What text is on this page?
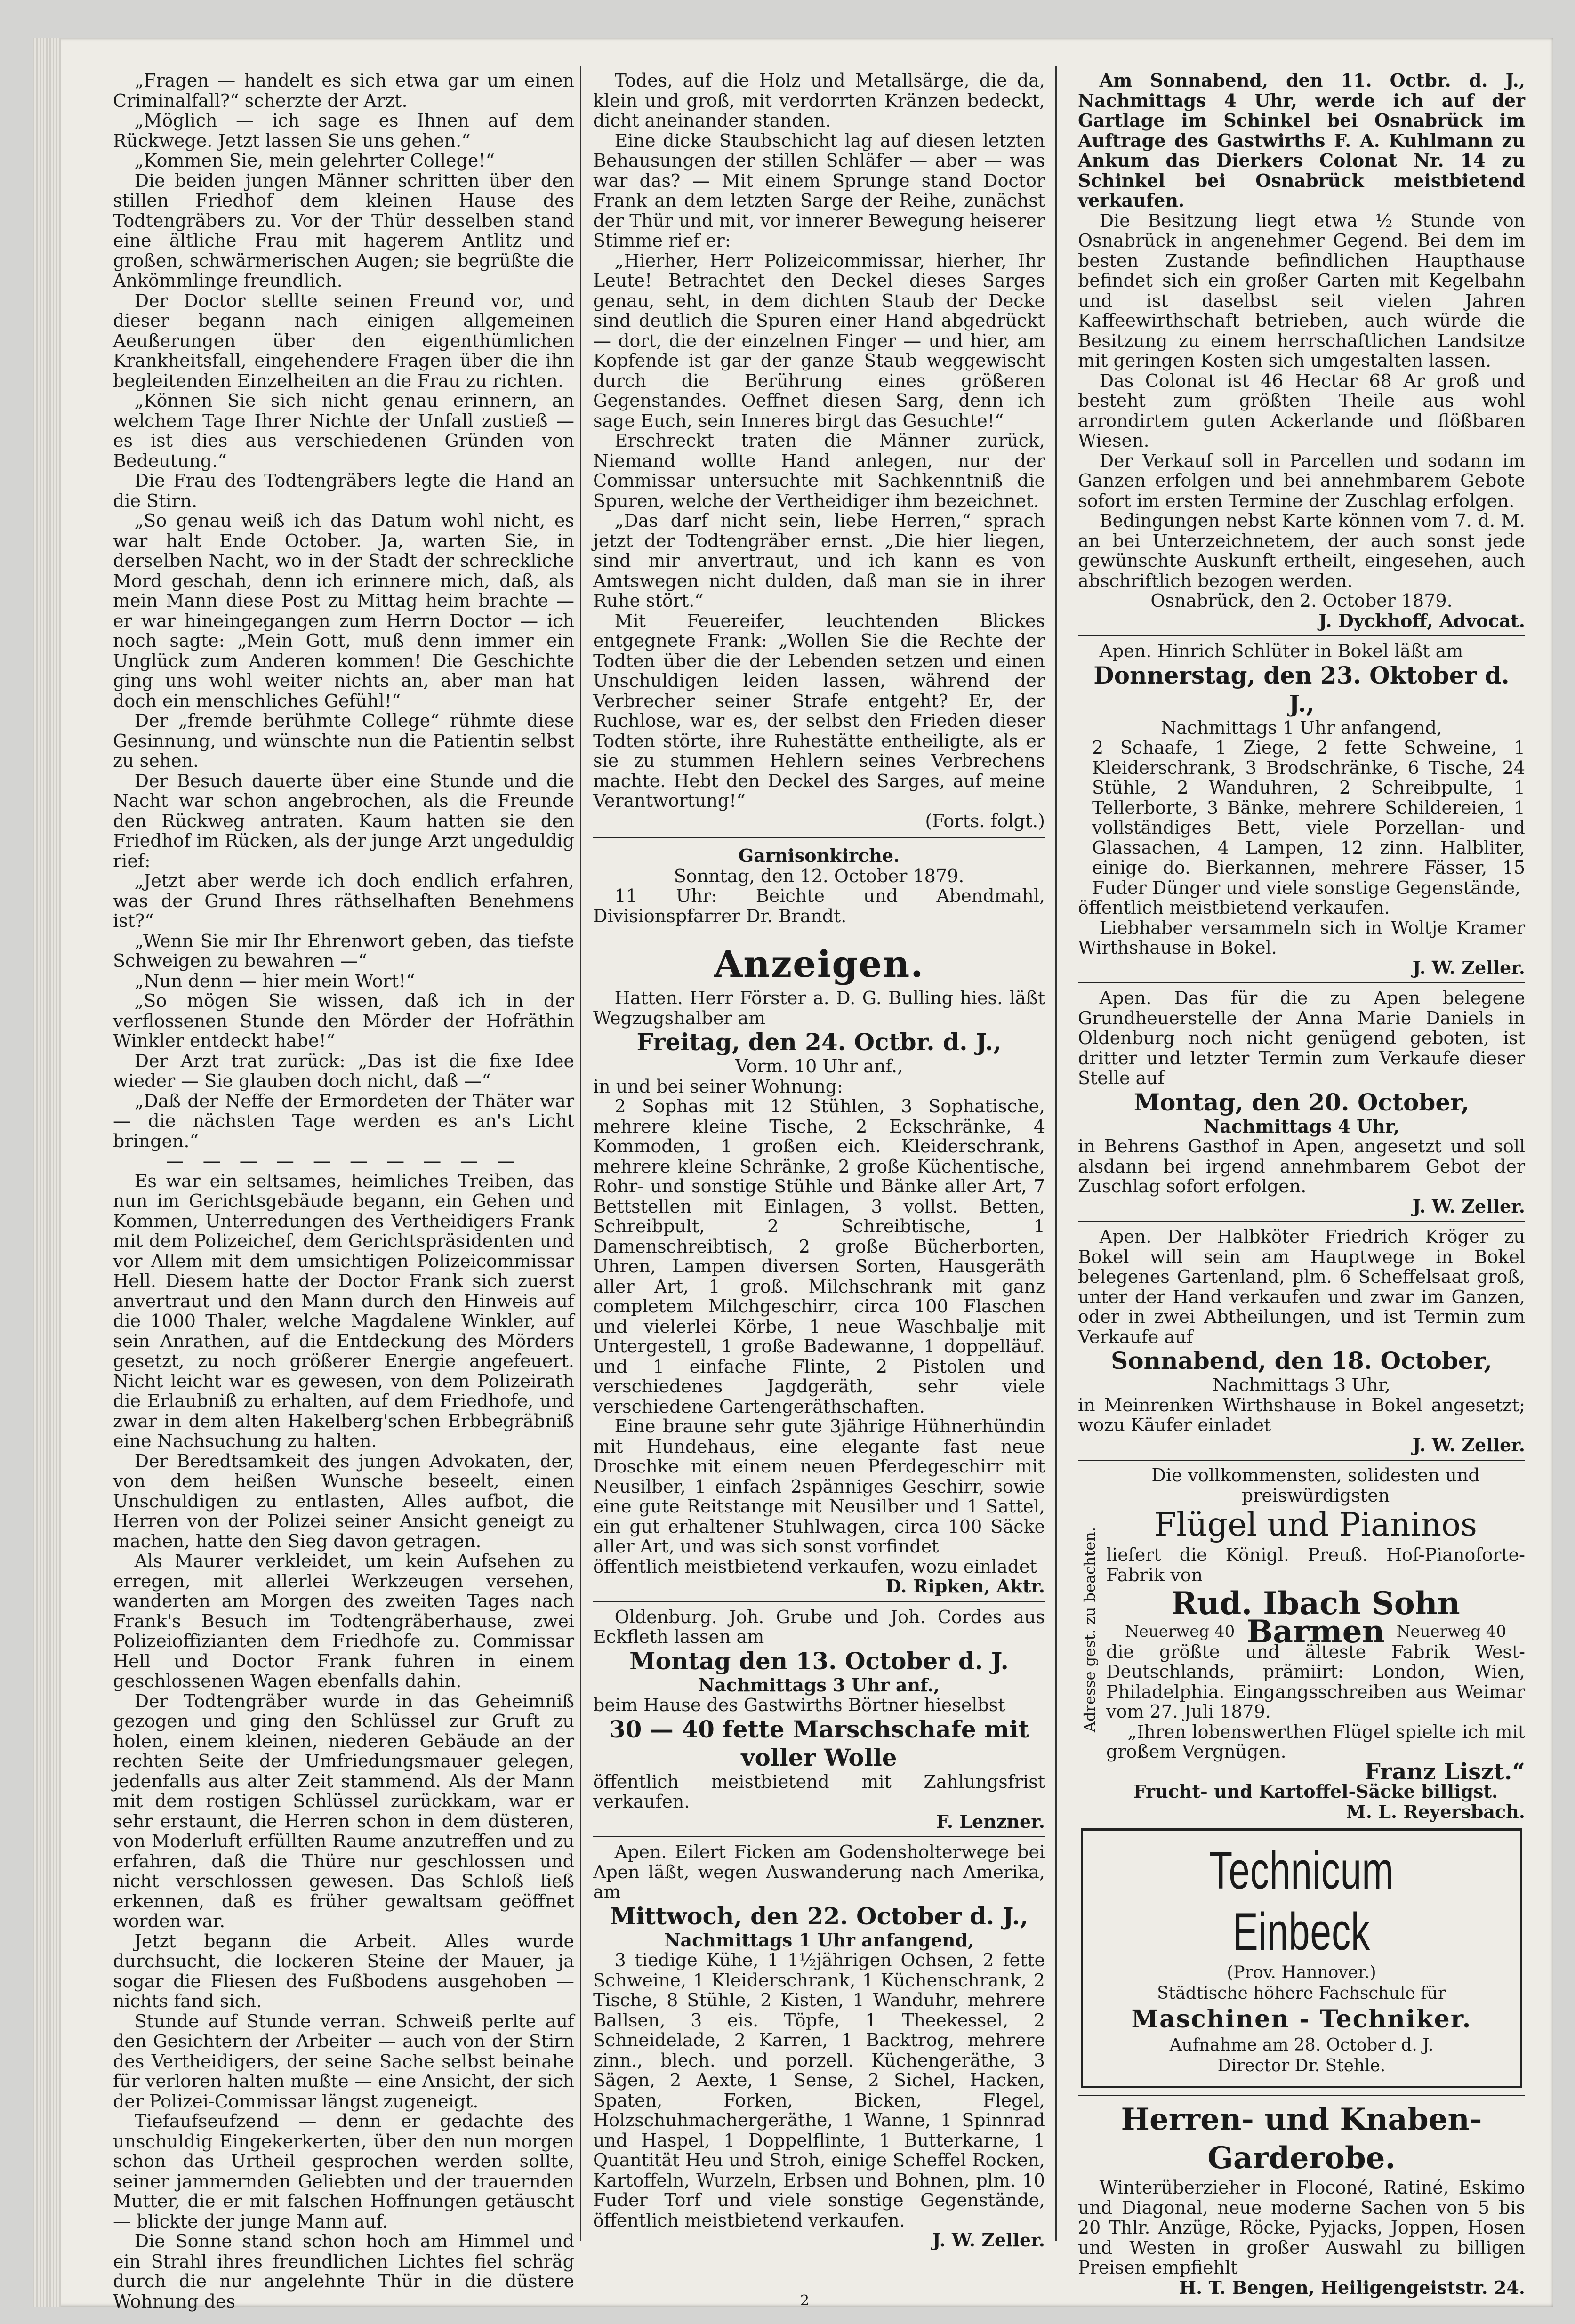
„Fragen — handelt es sich etwa gar um einen Criminalfall?“ scherzte der Arzt.

„Möglich — ich sage es Ihnen auf dem Rückwege. Jetzt lassen Sie uns gehen.“

„Kommen Sie, mein gelehrter College!“

Die beiden jungen Männer schritten über den stillen Friedhof dem kleinen Hause des Todtengräbers zu. Vor der Thür desselben stand eine ältliche Frau mit hagerem Antlitz und großen, schwärmerischen Augen; sie begrüßte die Ankömmlinge freundlich.

Der Doctor stellte seinen Freund vor, und dieser begann nach einigen allgemeinen Aeußerungen über den eigenthümlichen Krankheitsfall, eingehendere Fragen über die ihn begleitenden Einzelheiten an die Frau zu richten.

„Können Sie sich nicht genau erinnern, an welchem Tage Ihrer Nichte der Unfall zustieß — es ist dies aus verschiedenen Gründen von Bedeutung.“

Die Frau des Todtengräbers legte die Hand an die Stirn.

„So genau weiß ich das Datum wohl nicht, es war halt Ende October. Ja, warten Sie, in derselben Nacht, wo in der Stadt der schreckliche Mord geschah, denn ich erinnere mich, daß, als mein Mann diese Post zu Mittag heim brachte — er war hineingegangen zum Herrn Doctor — ich noch sagte: „Mein Gott, muß denn immer ein Unglück zum Anderen kommen! Die Geschichte ging uns wohl weiter nichts an, aber man hat doch ein menschliches Gefühl!“

Der „fremde berühmte College“ rühmte diese Gesinnung, und wünschte nun die Patientin selbst zu sehen.

Der Besuch dauerte über eine Stunde und die Nacht war schon angebrochen, als die Freunde den Rückweg antraten. Kaum hatten sie den Friedhof im Rücken, als der junge Arzt ungeduldig rief:

„Jetzt aber werde ich doch endlich erfahren, was der Grund Ihres räthselhaften Benehmens ist?“

„Wenn Sie mir Ihr Ehrenwort geben, das tiefste Schweigen zu bewahren —“

„Nun denn — hier mein Wort!“

„So mögen Sie wissen, daß ich in der verflossenen Stunde den Mörder der Hofräthin Winkler entdeckt habe!“

Der Arzt trat zurück: „Das ist die fixe Idee wieder — Sie glauben doch nicht, daß —“

„Daß der Neffe der Ermordeten der Thäter war — die nächsten Tage werden es an's Licht bringen.“

— — — — — — — — — —

Es war ein seltsames, heimliches Treiben, das nun im Gerichtsgebäude begann, ein Gehen und Kommen, Unterredungen des Vertheidigers Frank mit dem Polizeichef, dem Gerichtspräsidenten und vor Allem mit dem umsichtigen Polizeicommissar Hell. Diesem hatte der Doctor Frank sich zuerst anvertraut und den Mann durch den Hinweis auf die 1000 Thaler, welche Magdalene Winkler, auf sein Anrathen, auf die Entdeckung des Mörders gesetzt, zu noch größerer Energie angefeuert. Nicht leicht war es gewesen, von dem Polizeirath die Erlaubniß zu erhalten, auf dem Friedhofe, und zwar in dem alten Hakelberg'schen Erbbegräbniß eine Nachsuchung zu halten.

Der Beredtsamkeit des jungen Advokaten, der, von dem heißen Wunsche beseelt, einen Unschuldigen zu entlasten, Alles aufbot, die Herren von der Polizei seiner Ansicht geneigt zu machen, hatte den Sieg davon getragen.

Als Maurer verkleidet, um kein Aufsehen zu erregen, mit allerlei Werkzeugen versehen, wanderten am Morgen des zweiten Tages nach Frank's Besuch im Todtengräberhause, zwei Polizeioffizianten dem Friedhofe zu. Commissar Hell und Doctor Frank fuhren in einem geschlossenen Wagen ebenfalls dahin.

Der Todtengräber wurde in das Geheimniß gezogen und ging den Schlüssel zur Gruft zu holen, einem kleinen, niederen Gebäude an der rechten Seite der Umfriedungsmauer gelegen, jedenfalls aus alter Zeit stammend. Als der Mann mit dem rostigen Schlüssel zurückkam, war er sehr erstaunt, die Herren schon in dem düsteren, von Moderluft erfüllten Raume anzutreffen und zu erfahren, daß die Thüre nur geschlossen und nicht verschlossen gewesen. Das Schloß ließ erkennen, daß es früher gewaltsam geöffnet worden war.

Jetzt begann die Arbeit. Alles wurde durchsucht, die lockeren Steine der Mauer, ja sogar die Fliesen des Fußbodens ausgehoben — nichts fand sich.

Stunde auf Stunde verran. Schweiß perlte auf den Gesichtern der Arbeiter — auch von der Stirn des Vertheidigers, der seine Sache selbst beinahe für verloren halten mußte — eine Ansicht, der sich der Polizei-Commissar längst zugeneigt.

Tiefaufseufzend — denn er gedachte des unschuldig Eingekerkerten, über den nun morgen schon das Urtheil gesprochen werden sollte, seiner jammernden Geliebten und der trauernden Mutter, die er mit falschen Hoffnungen getäuscht — blickte der junge Mann auf.

Die Sonne stand schon hoch am Himmel und ein Strahl ihres freundlichen Lichtes fiel schräg durch die nur angelehnte Thür in die düstere Wohnung des

Todes, auf die Holz und Metallsärge, die da, klein und groß, mit verdorrten Kränzen bedeckt, dicht aneinander standen.

Eine dicke Staubschicht lag auf diesen letzten Behausungen der stillen Schläfer — aber — was war das? — Mit einem Sprunge stand Doctor Frank an dem letzten Sarge der Reihe, zunächst der Thür und mit, vor innerer Bewegung heiserer Stimme rief er:

„Hierher, Herr Polizeicommissar, hierher, Ihr Leute! Betrachtet den Deckel dieses Sarges genau, seht, in dem dichten Staub der Decke sind deutlich die Spuren einer Hand abgedrückt — dort, die der einzelnen Finger — und hier, am Kopfende ist gar der ganze Staub weggewischt durch die Berührung eines größeren Gegenstandes. Oeffnet diesen Sarg, denn ich sage Euch, sein Inneres birgt das Gesuchte!“

Erschreckt traten die Männer zurück, Niemand wollte Hand anlegen, nur der Commissar untersuchte mit Sachkenntniß die Spuren, welche der Vertheidiger ihm bezeichnet.

„Das darf nicht sein, liebe Herren,“ sprach jetzt der Todtengräber ernst. „Die hier liegen, sind mir anvertraut, und ich kann es von Amtswegen nicht dulden, daß man sie in ihrer Ruhe stört.“

Mit Feuereifer, leuchtenden Blickes entgegnete Frank: „Wollen Sie die Rechte der Todten über die der Lebenden setzen und einen Unschuldigen leiden lassen, während der Verbrecher seiner Strafe entgeht? Er, der Ruchlose, war es, der selbst den Frieden dieser Todten störte, ihre Ruhestätte entheiligte, als er sie zu stummen Hehlern seines Verbrechens machte. Hebt den Deckel des Sarges, auf meine Verantwortung!“

(Forts. folgt.)

Garnisonkirche.

Sonntag, den 12. October 1879.

11 Uhr: Beichte und Abendmahl, Divisionspfarrer Dr. Brandt.

Anzeigen.

Hatten. Herr Förster a. D. G. Bulling hies. läßt Wegzugshalber am

Freitag, den 24. Octbr. d. J.,

Vorm. 10 Uhr anf.,

in und bei seiner Wohnung:

2 Sophas mit 12 Stühlen, 3 Sophatische, mehrere kleine Tische, 2 Eckschränke, 4 Kommoden, 1 großen eich. Kleiderschrank, mehrere kleine Schränke, 2 große Küchentische, Rohr- und sonstige Stühle und Bänke aller Art, 7 Bettstellen mit Einlagen, 3 vollst. Betten, Schreibpult, 2 Schreibtische, 1 Damenschreibtisch, 2 große Bücherborten, Uhren, Lampen diversen Sorten, Hausgeräth aller Art, 1 groß. Milchschrank mit ganz completem Milchgeschirr, circa 100 Flaschen und vielerlei Körbe, 1 neue Waschbalje mit Untergestell, 1 große Badewanne, 1 doppelläuf. und 1 einfache Flinte, 2 Pistolen und verschiedenes Jagdgeräth, sehr viele verschiedene Gartengeräthschaften.

Eine braune sehr gute 3jährige Hühnerhündin mit Hundehaus, eine elegante fast neue Droschke mit einem neuen Pferdegeschirr mit Neusilber, 1 einfach 2spänniges Geschirr, sowie eine gute Reitstange mit Neusilber und 1 Sattel, ein gut erhaltener Stuhlwagen, circa 100 Säcke aller Art, und was sich sonst vorfindet

öffentlich meistbietend verkaufen, wozu einladet

D. Ripken, Aktr.

Oldenburg. Joh. Grube und Joh. Cordes aus Eckfleth lassen am

Montag den 13. October d. J.

Nachmittags 3 Uhr anf.,

beim Hause des Gastwirths Börtner hieselbst

30 — 40 fette Marschschafe mit voller Wolle

öffentlich meistbietend mit Zahlungsfrist verkaufen.

F. Lenzner.

Apen. Eilert Ficken am Godensholterwege bei Apen läßt, wegen Auswanderung nach Amerika, am

Mittwoch, den 22. October d. J.,

Nachmittags 1 Uhr anfangend,

3 tiedige Kühe, 1 1½jährigen Ochsen, 2 fette Schweine, 1 Kleiderschrank, 1 Küchenschrank, 2 Tische, 8 Stühle, 2 Kisten, 1 Wanduhr, mehrere Ballsen, 3 eis. Töpfe, 1 Theekessel, 2 Schneidelade, 2 Karren, 1 Backtrog, mehrere zinn., blech. und porzell. Küchengeräthe, 3 Sägen, 2 Aexte, 1 Sense, 2 Sichel, Hacken, Spaten, Forken, Bicken, Flegel, Holzschuhmachergeräthe, 1 Wanne, 1 Spinnrad und Haspel, 1 Doppelflinte, 1 Butterkarne, 1 Quantität Heu und Stroh, einige Scheffel Rocken, Kartoffeln, Wurzeln, Erbsen und Bohnen, plm. 10 Fuder Torf und viele sonstige Gegenstände, öffentlich meistbietend verkaufen.

J. W. Zeller.

Am Sonnabend, den 11. Octbr. d. J., Nachmittags 4 Uhr, werde ich auf der Gartlage im Schinkel bei Osnabrück im Auftrage des Gastwirths F. A. Kuhlmann zu Ankum das Dierkers Colonat Nr. 14 zu Schinkel bei Osnabrück meistbietend verkaufen.

Die Besitzung liegt etwa ½ Stunde von Osnabrück in angenehmer Gegend. Bei dem im besten Zustande befindlichen Haupthause befindet sich ein großer Garten mit Kegelbahn und ist daselbst seit vielen Jahren Kaffeewirthschaft betrieben, auch würde die Besitzung zu einem herrschaftlichen Landsitze mit geringen Kosten sich umgestalten lassen.

Das Colonat ist 46 Hectar 68 Ar groß und besteht zum größten Theile aus wohl arrondirtem guten Ackerlande und flößbaren Wiesen.

Der Verkauf soll in Parcellen und sodann im Ganzen erfolgen und bei annehmbarem Gebote sofort im ersten Termine der Zuschlag erfolgen.

Bedingungen nebst Karte können vom 7. d. M. an bei Unterzeichnetem, der auch sonst jede gewünschte Auskunft ertheilt, eingesehen, auch abschriftlich bezogen werden.

Osnabrück, den 2. October 1879.

J. Dyckhoff, Advocat.

Apen. Hinrich Schlüter in Bokel läßt am

Donnerstag, den 23. Oktober d. J.,

Nachmittags 1 Uhr anfangend,

2 Schaafe, 1 Ziege, 2 fette Schweine, 1 Kleiderschrank, 3 Brodschränke, 6 Tische, 24 Stühle, 2 Wanduhren, 2 Schreibpulte, 1 Tellerborte, 3 Bänke, mehrere Schildereien, 1 vollständiges Bett, viele Porzellan- und Glassachen, 4 Lampen, 12 zinn. Halbliter, einige do. Bierkannen, mehrere Fässer, 15 Fuder Dünger und viele sonstige Gegenstände,

öffentlich meistbietend verkaufen.

Liebhaber versammeln sich in Woltje Kramer Wirthshause in Bokel.

J. W. Zeller.

Apen. Das für die zu Apen belegene Grundheuerstelle der Anna Marie Daniels in Oldenburg noch nicht genügend geboten, ist dritter und letzter Termin zum Verkaufe dieser Stelle auf

Montag, den 20. October,

Nachmittags 4 Uhr,

in Behrens Gasthof in Apen, angesetzt und soll alsdann bei irgend annehmbarem Gebot der Zuschlag sofort erfolgen.

J. W. Zeller.

Apen. Der Halbköter Friedrich Kröger zu Bokel will sein am Hauptwege in Bokel belegenes Gartenland, plm. 6 Scheffelsaat groß, unter der Hand verkaufen und zwar im Ganzen, oder in zwei Abtheilungen, und ist Termin zum Verkaufe auf

Sonnabend, den 18. October,

Nachmittags 3 Uhr,

in Meinrenken Wirthshause in Bokel angesetzt; wozu Käufer einladet

J. W. Zeller.

Die vollkommensten, solidesten und preiswürdigsten

Flügel und Pianinos

liefert die Königl. Preuß. Hof-Pianoforte-Fabrik von

Rud. Ibach Sohn

Neuerweg 40 Barmen Neuerweg 40

die größte und älteste Fabrik West-Deutschlands, prämiirt: London, Wien, Philadelphia. Eingangsschreiben aus Weimar vom 27. Juli 1879.

„Ihren lobenswerthen Flügel spielte ich mit großem Vergnügen.

Franz Liszt.“

Frucht- und Kartoffel-Säcke billigst.

M. L. Reyersbach.

Technicum Einbeck

(Prov. Hannover.)

Städtische höhere Fachschule für

Maschinen - Techniker.

Aufnahme am 28. October d. J.

Director Dr. Stehle.

Herren- und Knaben-Garderobe.

Winterüberzieher in Floconé, Ratiné, Eskimo und Diagonal, neue moderne Sachen von 5 bis 20 Thlr. Anzüge, Röcke, Pyjacks, Joppen, Hosen und Westen in großer Auswahl zu billigen Preisen empfiehlt

H. T. Bengen, Heiligengeiststr. 24.

Adresse gest. zu beachten.
2
